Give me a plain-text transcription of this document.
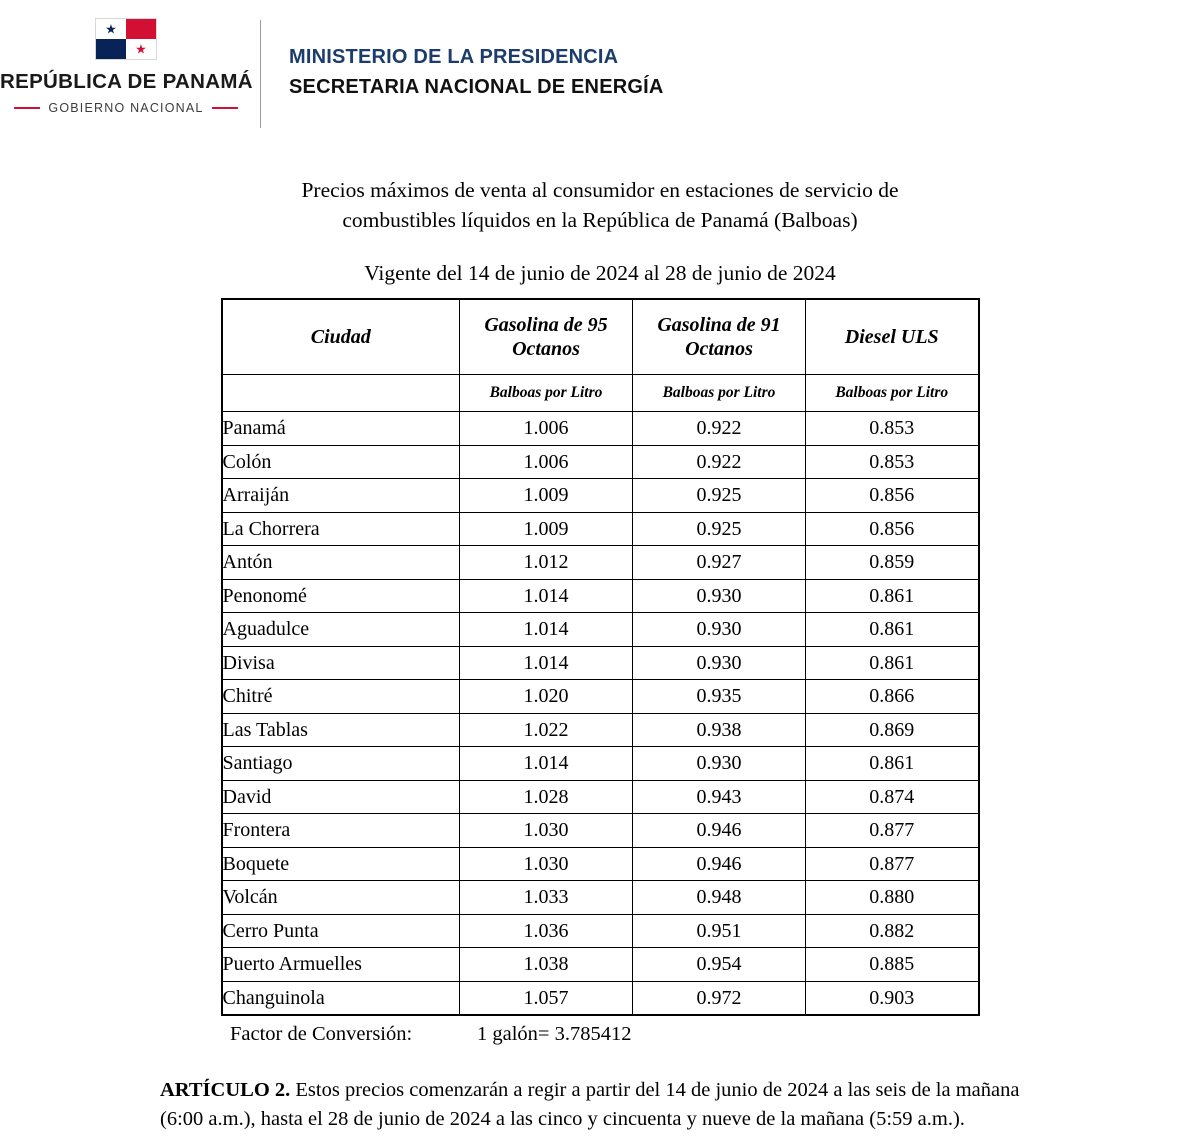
★
★
REPÚBLICA DE PANAMÁ
GOBIERNO NACIONAL
MINISTERIO DE LA PRESIDENCIA
SECRETARIA NACIONAL DE ENERGÍA
Precios máximos de venta al consumidor en estaciones de servicio de
combustibles líquidos en la República de Panamá (Balboas)
Vigente del 14 de junio de 2024 al 28 de junio de 2024
Ciudad	Gasolina de 95 Octanos	Gasolina de 91 Octanos	Diesel ULS
	Balboas por Litro	Balboas por Litro	Balboas por Litro
Panamá	1.006	0.922	0.853
Colón	1.006	0.922	0.853
Arraiján	1.009	0.925	0.856
La Chorrera	1.009	0.925	0.856
Antón	1.012	0.927	0.859
Penonomé	1.014	0.930	0.861
Aguadulce	1.014	0.930	0.861
Divisa	1.014	0.930	0.861
Chitré	1.020	0.935	0.866
Las Tablas	1.022	0.938	0.869
Santiago	1.014	0.930	0.861
David	1.028	0.943	0.874
Frontera	1.030	0.946	0.877
Boquete	1.030	0.946	0.877
Volcán	1.033	0.948	0.880
Cerro Punta	1.036	0.951	0.882
Puerto Armuelles	1.038	0.954	0.885
Changuinola	1.057	0.972	0.903
Factor de Conversión:	1 galón= 3.785412

ARTÍCULO 2. Estos precios comenzarán a regir a partir del 14 de junio de 2024 a las seis de la mañana (6:00 a.m.), hasta el 28 de junio de 2024 a las cinco y cincuenta y nueve de la mañana (5:59 a.m.).
